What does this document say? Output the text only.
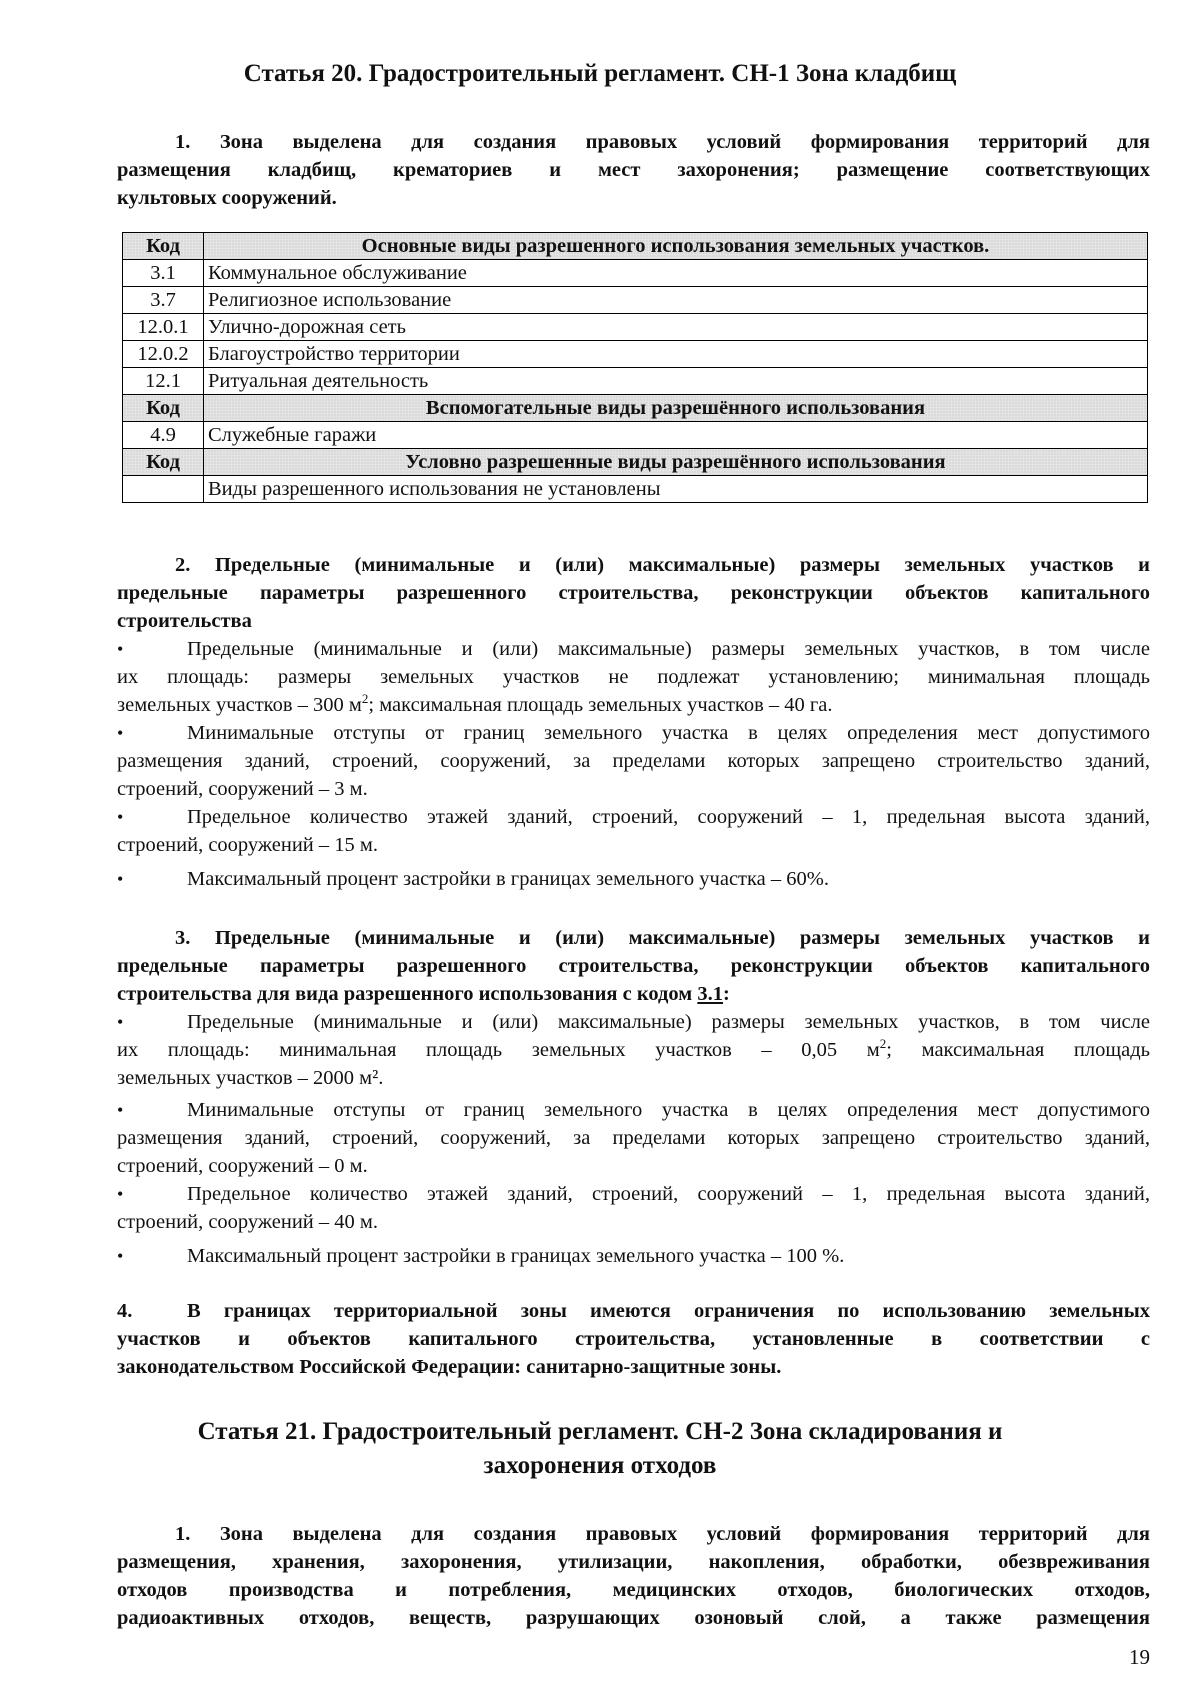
Статья 20. Градостроительный регламент. СН-1 Зона кладбищ
1. Зона выделена для создания правовых условий формирования территорий для
размещения кладбищ, крематориев и мест захоронения; размещение соответствующих
культовых сооружений.
Код	Основные виды разрешенного использования земельных участков.
3.1	Коммунальное обслуживание
3.7	Религиозное использование
12.0.1	Улично-дорожная сеть
12.0.2	Благоустройство территории
12.1	Ритуальная деятельность
Код	Вспомогательные виды разрешённого использования
4.9	Служебные гаражи
Код	Условно разрешенные виды разрешённого использования
	Виды разрешенного использования не установлены
2. Предельные (минимальные и (или) максимальные) размеры земельных участков и
предельные параметры разрешенного строительства, реконструкции объектов капитального
строительства
•	Предельные (минимальные и (или) максимальные) размеры земельных участков, в том числе
их площадь: размеры земельных участков не подлежат установлению; минимальная площадь
земельных участков – 300 $м^2$; максимальная площадь земельных участков – 40 га.
•	Минимальные отступы от границ земельного участка в целях определения мест допустимого
размещения зданий, строений, сооружений, за пределами которых запрещено строительство зданий,
строений, сооружений – 3 м.
•	Предельное количество этажей зданий, строений, сооружений – 1, предельная высота зданий,
строений, сооружений – 15 м.
•	Максимальный процент застройки в границах земельного участка – 60%.
3. Предельные (минимальные и (или) максимальные) размеры земельных участков и
предельные параметры разрешенного строительства, реконструкции объектов капитального
строительства для вида разрешенного использования с кодом 3.1:
•	Предельные (минимальные и (или) максимальные) размеры земельных участков, в том числе
их площадь: минимальная площадь земельных участков – 0,05 $м^2$; максимальная площадь
земельных участков – 2000 м².
•	Минимальные отступы от границ земельного участка в целях определения мест допустимого
размещения зданий, строений, сооружений, за пределами которых запрещено строительство зданий,
строений, сооружений – 0 м.
•	Предельное количество этажей зданий, строений, сооружений – 1, предельная высота зданий,
строений, сооружений – 40 м.
•	Максимальный процент застройки в границах земельного участка – 100 %.
4.	В границах территориальной зоны имеются ограничения по использованию земельных
участков и объектов капитального строительства, установленные в соответствии с
законодательством Российской Федерации: санитарно-защитные зоны.
Статья 21. Градостроительный регламент. СН-2 Зона складирования и
захоронения отходов
1. Зона выделена для создания правовых условий формирования территорий для
размещения, хранения, захоронения, утилизации, накопления, обработки, обезвреживания
отходов производства и потребления, медицинских отходов, биологических отходов,
радиоактивных отходов, веществ, разрушающих озоновый слой, а также размещения
19
